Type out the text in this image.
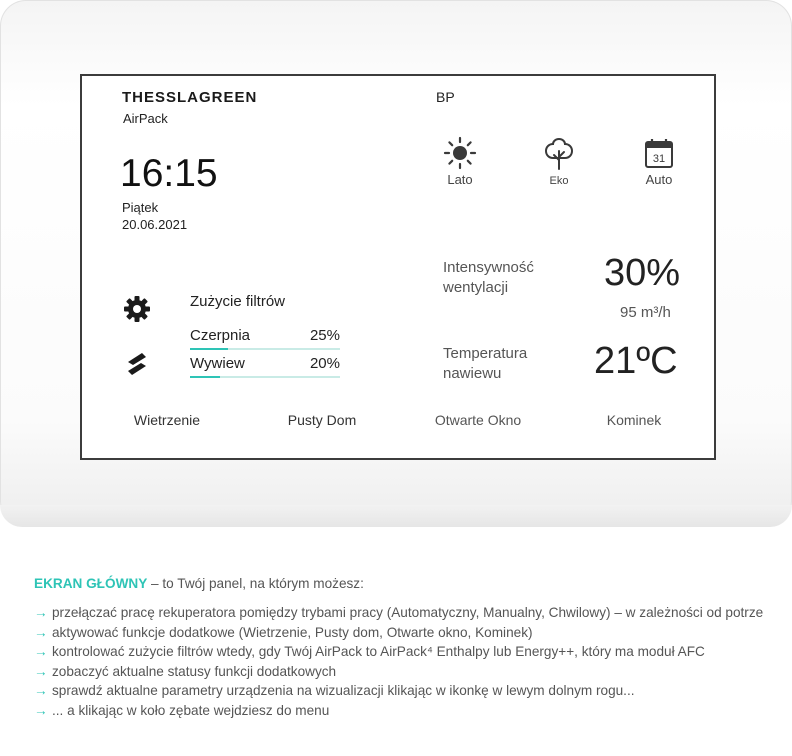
THESSLAGREEN
AirPack
BP
16:15
Piątek
20.06.2021
Lato	Eko
31
Auto
Intensywność
wentylacji	30%
95 m³/h
Temperatura
nawiewu	21ºC
Zużycie filtrów
Czerpnia	25%
Wywiew	20%
Wietrzenie	Pusty Dom	Otwarte Okno	Kominek
EKRAN GŁÓWNY – to Twój panel, na którym możesz:
→ przełączać pracę rekuperatora pomiędzy trybami pracy (Automatyczny, Manualny, Chwilowy) – w zależności od potrze
→ aktywować funkcje dodatkowe (Wietrzenie, Pusty dom, Otwarte okno, Kominek)
→ kontrolować zużycie filtrów wtedy, gdy Twój AirPack to AirPack⁴ Enthalpy lub Energy++, który ma moduł AFC
→ zobaczyć aktualne statusy funkcji dodatkowych
→ sprawdź aktualne parametry urządzenia na wizualizacji klikając w ikonkę w lewym dolnym rogu...
→ ... a klikając w koło zębate wejdziesz do menu
